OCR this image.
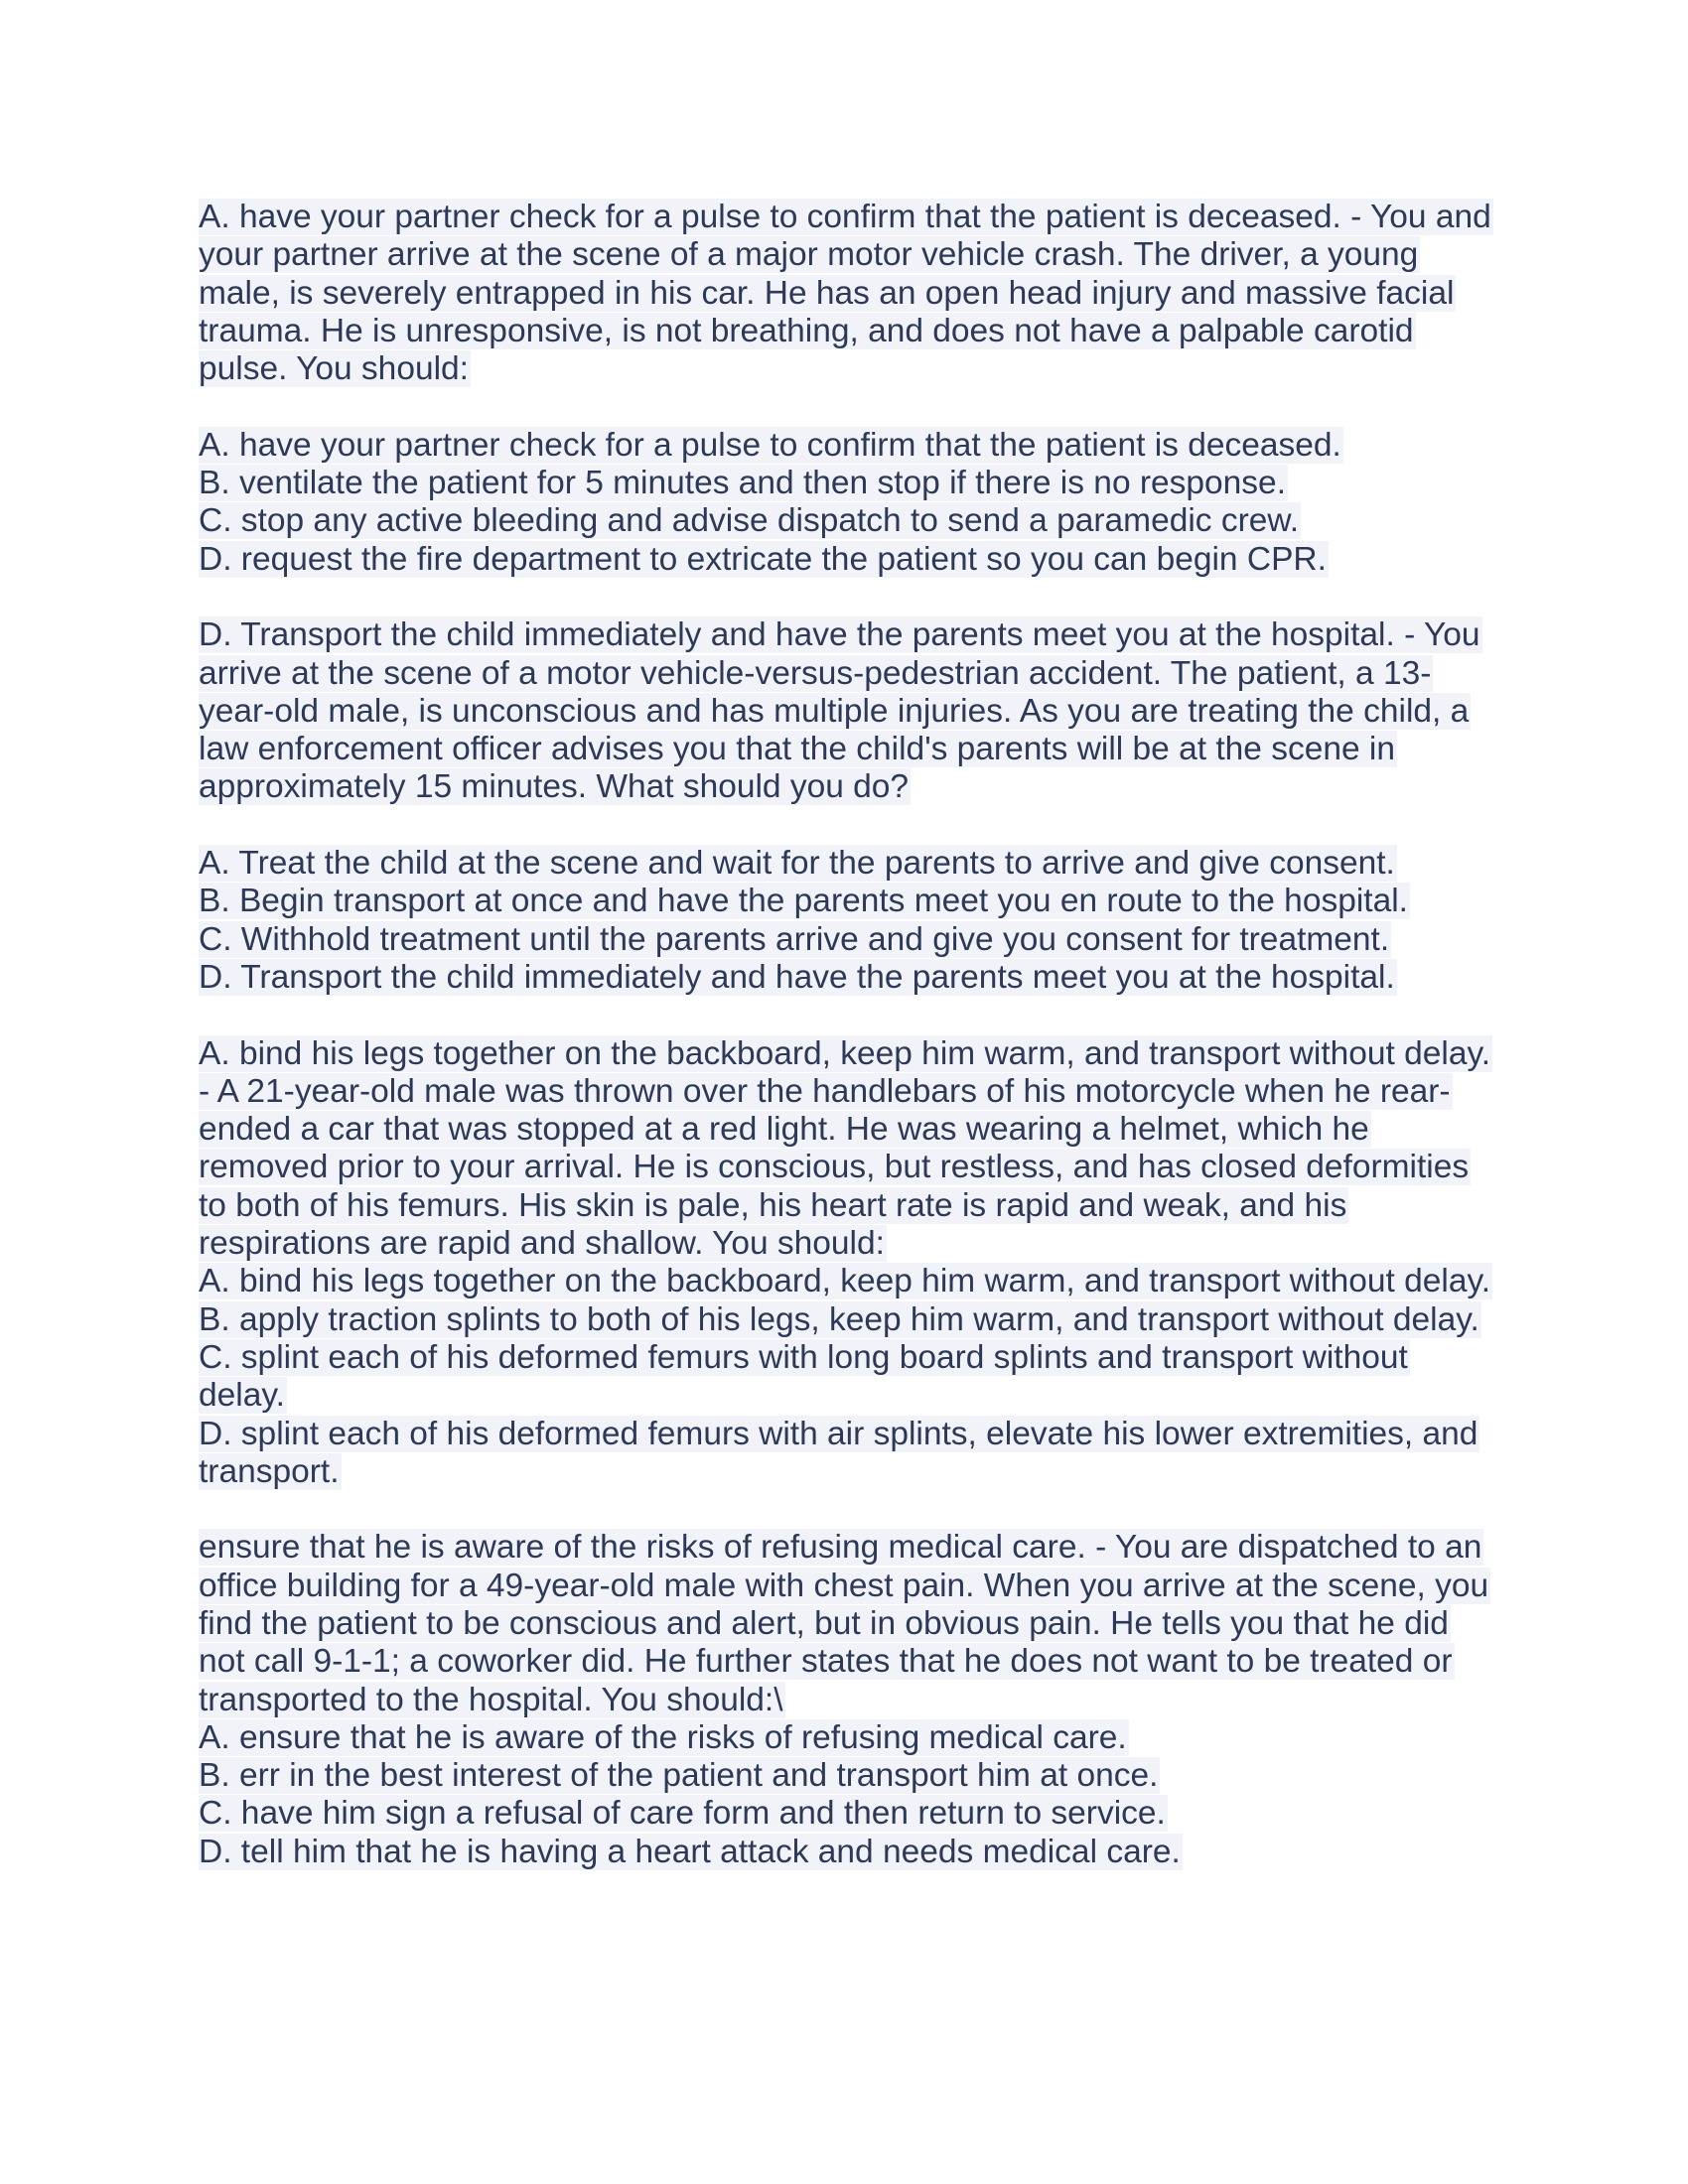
A. have your partner check for a pulse to confirm that the patient is deceased. - You and
your partner arrive at the scene of a major motor vehicle crash. The driver, a young
male, is severely entrapped in his car. He has an open head injury and massive facial
trauma. He is unresponsive, is not breathing, and does not have a palpable carotid
pulse. You should:
A. have your partner check for a pulse to confirm that the patient is deceased.
B. ventilate the patient for 5 minutes and then stop if there is no response.
C. stop any active bleeding and advise dispatch to send a paramedic crew.
D. request the fire department to extricate the patient so you can begin CPR.
D. Transport the child immediately and have the parents meet you at the hospital. - You
arrive at the scene of a motor vehicle-versus-pedestrian accident. The patient, a 13-
year-old male, is unconscious and has multiple injuries. As you are treating the child, a
law enforcement officer advises you that the child's parents will be at the scene in
approximately 15 minutes. What should you do?
A. Treat the child at the scene and wait for the parents to arrive and give consent.
B. Begin transport at once and have the parents meet you en route to the hospital.
C. Withhold treatment until the parents arrive and give you consent for treatment.
D. Transport the child immediately and have the parents meet you at the hospital.
A. bind his legs together on the backboard, keep him warm, and transport without delay.
- A 21-year-old male was thrown over the handlebars of his motorcycle when he rear-
ended a car that was stopped at a red light. He was wearing a helmet, which he
removed prior to your arrival. He is conscious, but restless, and has closed deformities
to both of his femurs. His skin is pale, his heart rate is rapid and weak, and his
respirations are rapid and shallow. You should:
A. bind his legs together on the backboard, keep him warm, and transport without delay.
B. apply traction splints to both of his legs, keep him warm, and transport without delay.
C. splint each of his deformed femurs with long board splints and transport without
delay.
D. splint each of his deformed femurs with air splints, elevate his lower extremities, and
transport.
ensure that he is aware of the risks of refusing medical care. - You are dispatched to an
office building for a 49-year-old male with chest pain. When you arrive at the scene, you
find the patient to be conscious and alert, but in obvious pain. He tells you that he did
not call 9-1-1; a coworker did. He further states that he does not want to be treated or
transported to the hospital. You should:\
A. ensure that he is aware of the risks of refusing medical care.
B. err in the best interest of the patient and transport him at once.
C. have him sign a refusal of care form and then return to service.
D. tell him that he is having a heart attack and needs medical care.
